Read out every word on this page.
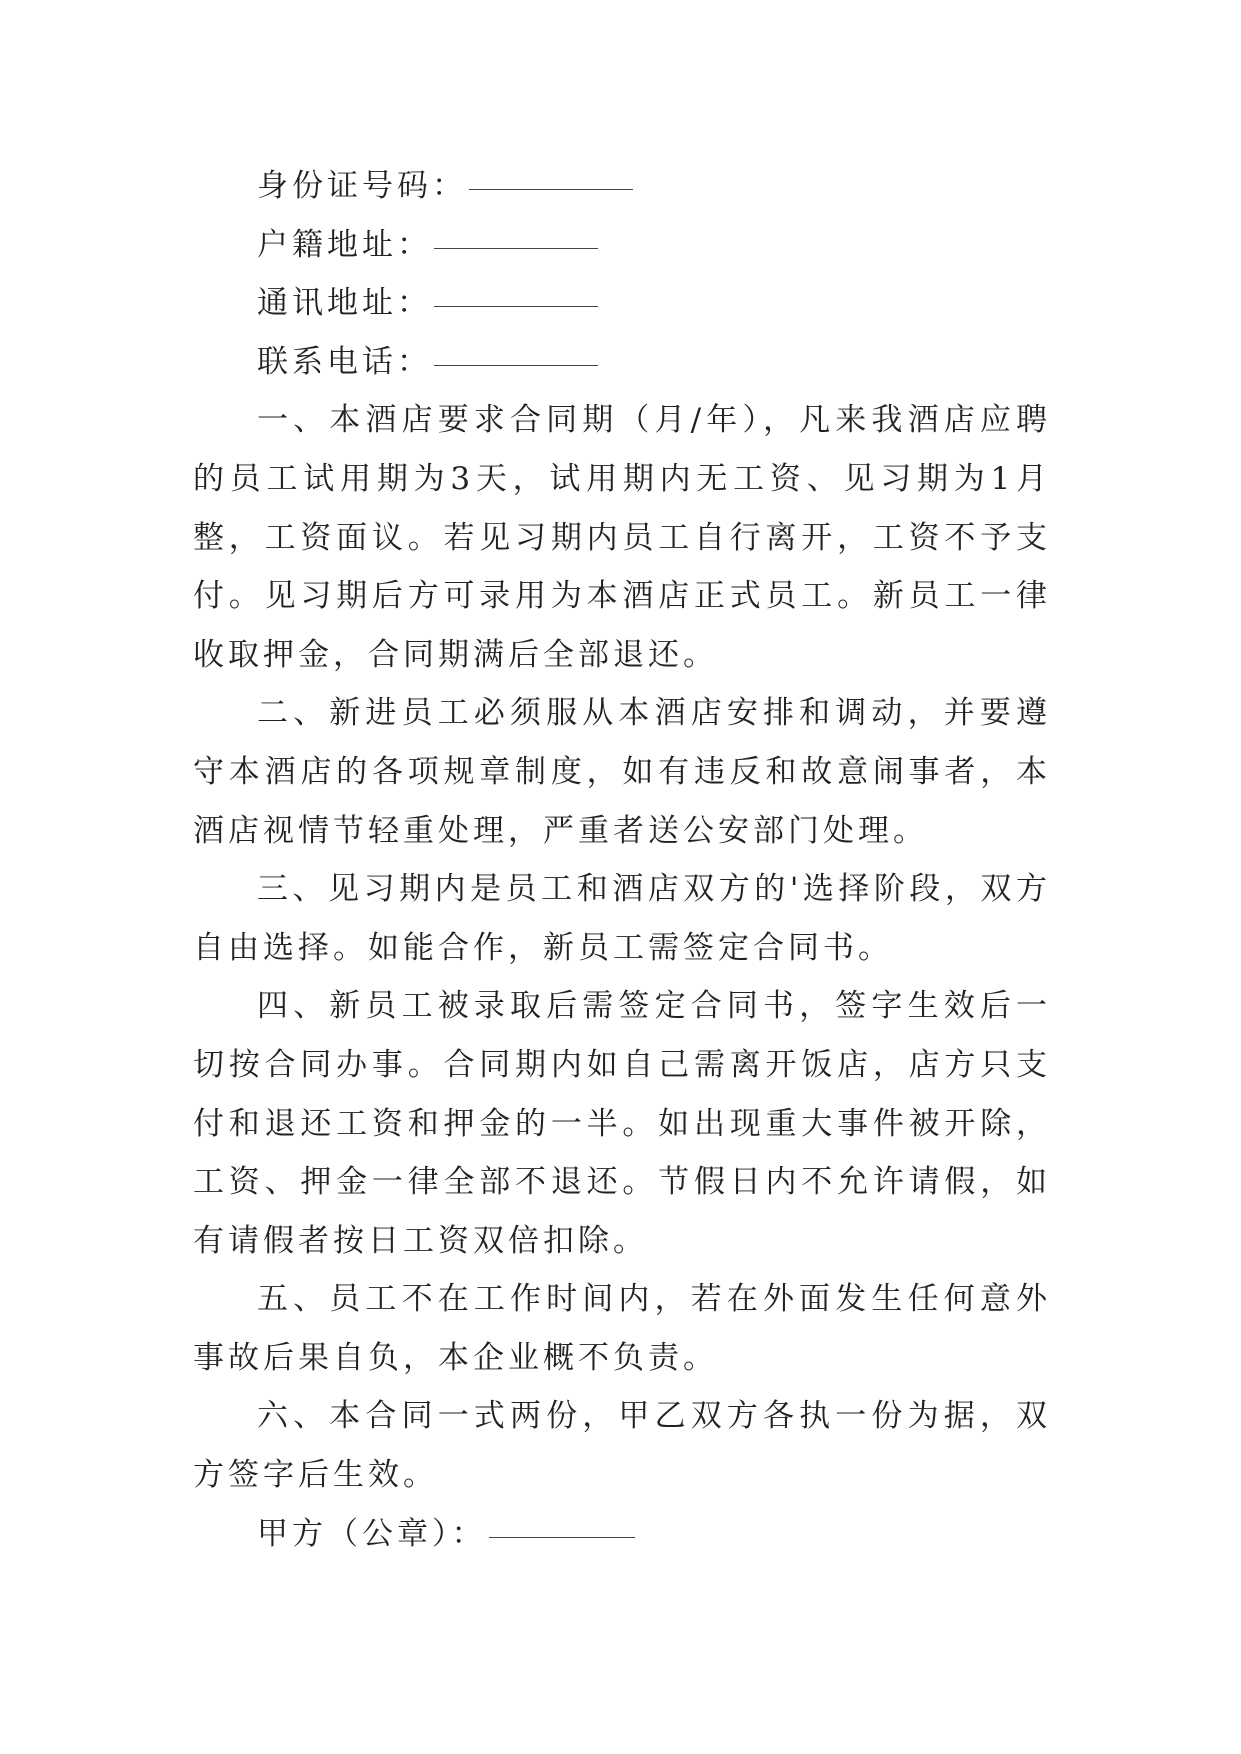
身份证号码：
户籍地址：
通讯地址：
联系电话：

一、本酒店要求合同期（月/年），凡来我酒店应聘的员工试用期为3天，试用期内无工资、见习期为1月整，工资面议。若见习期内员工自行离开，工资不予支付。见习期后方可录用为本酒店正式员工。新员工一律收取押金，合同期满后全部退还。

二、新进员工必须服从本酒店安排和调动，并要遵守本酒店的各项规章制度，如有违反和故意闹事者，本酒店视情节轻重处理，严重者送公安部门处理。

三、见习期内是员工和酒店双方的'选择阶段，双方自由选择。如能合作，新员工需签定合同书。

四、新员工被录取后需签定合同书，签字生效后一切按合同办事。合同期内如自己需离开饭店，店方只支付和退还工资和押金的一半。如出现重大事件被开除，工资、押金一律全部不退还。节假日内不允许请假，如有请假者按日工资双倍扣除。

五、员工不在工作时间内，若在外面发生任何意外事故后果自负，本企业概不负责。

六、本合同一式两份，甲乙双方各执一份为据，双方签字后生效。

甲方（公章）：
